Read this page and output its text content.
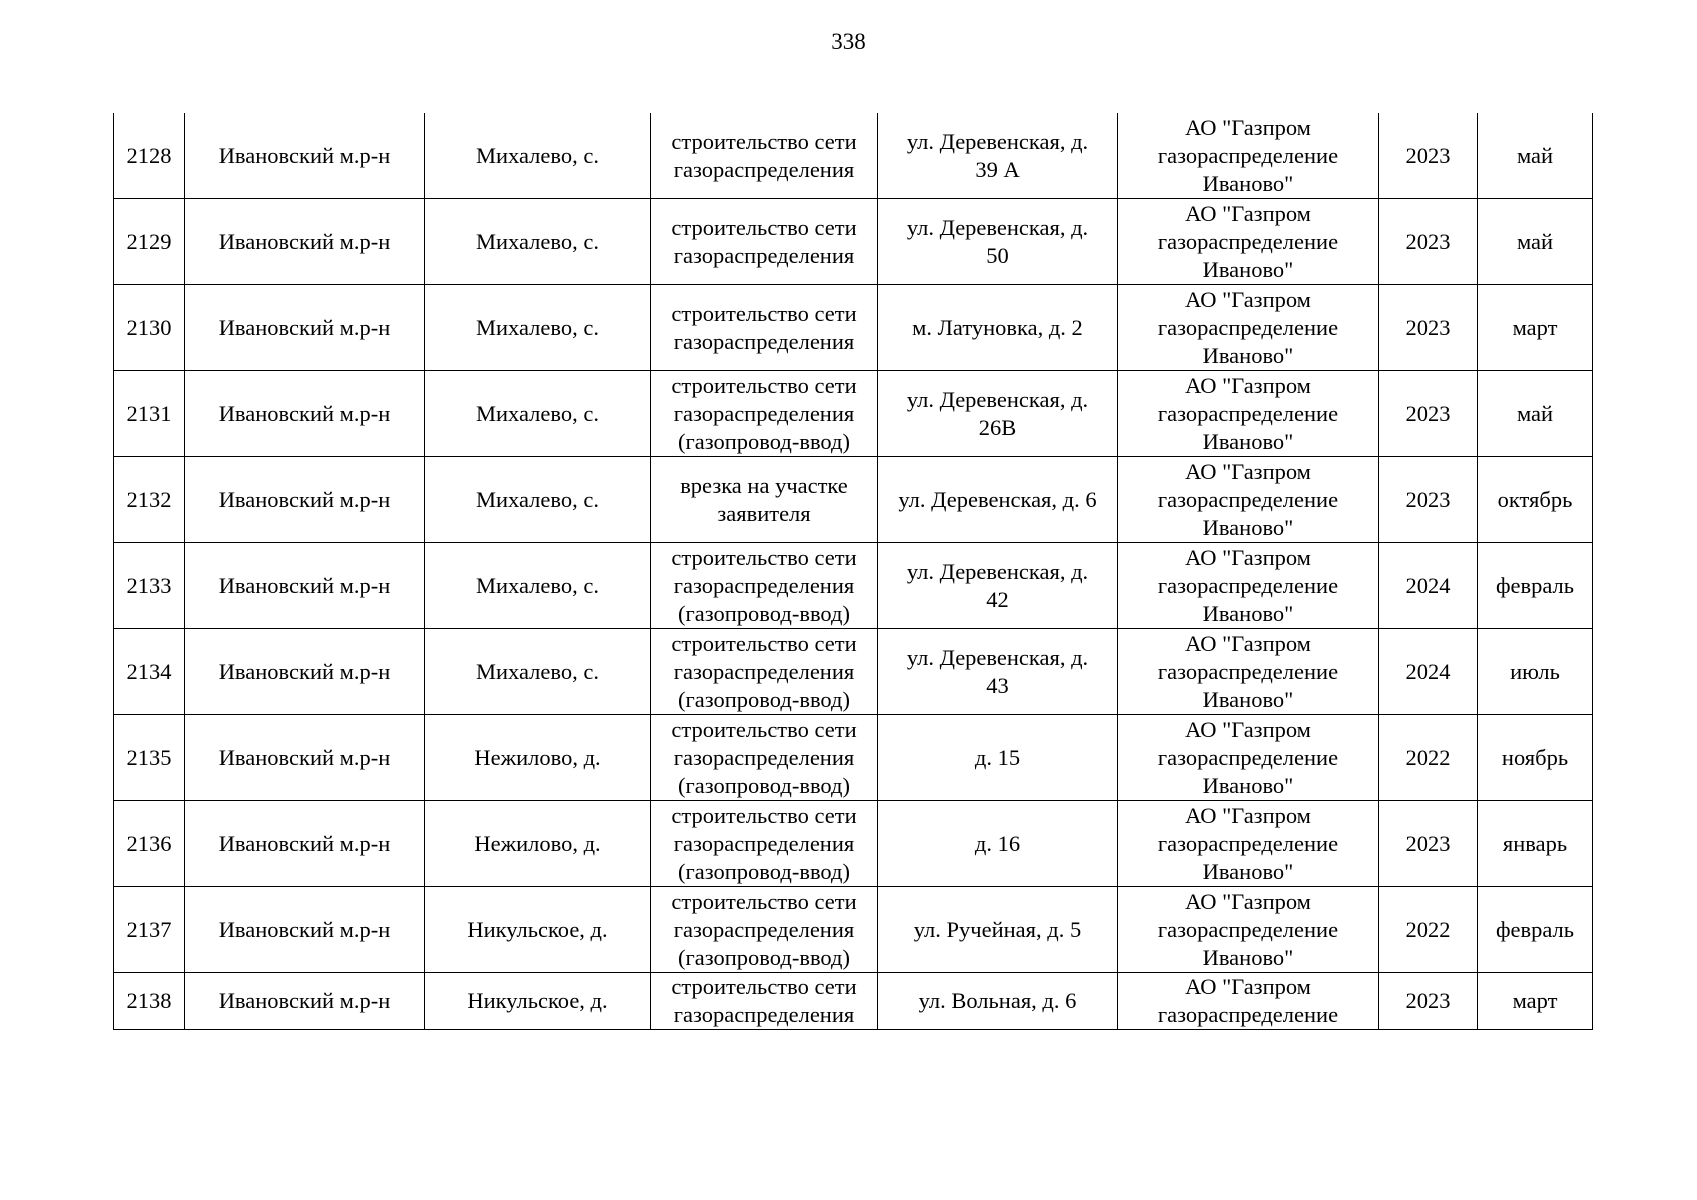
338
2128	Ивановский м.р-н	Михалево, с.	строительство сети
газораспределения	ул. Деревенская, д.
39 А	АО "Газпром
газораспределение
Иваново"	2023	май
2129	Ивановский м.р-н	Михалево, с.	строительство сети
газораспределения	ул. Деревенская, д.
50	АО "Газпром
газораспределение
Иваново"	2023	май
2130	Ивановский м.р-н	Михалево, с.	строительство сети
газораспределения	м. Латуновка, д. 2	АО "Газпром
газораспределение
Иваново"	2023	март
2131	Ивановский м.р-н	Михалево, с.	строительство сети
газораспределения
(газопровод-ввод)	ул. Деревенская, д.
26В	АО "Газпром
газораспределение
Иваново"	2023	май
2132	Ивановский м.р-н	Михалево, с.	врезка на участке
заявителя	ул. Деревенская, д. 6	АО "Газпром
газораспределение
Иваново"	2023	октябрь
2133	Ивановский м.р-н	Михалево, с.	строительство сети
газораспределения
(газопровод-ввод)	ул. Деревенская, д.
42	АО "Газпром
газораспределение
Иваново"	2024	февраль
2134	Ивановский м.р-н	Михалево, с.	строительство сети
газораспределения
(газопровод-ввод)	ул. Деревенская, д.
43	АО "Газпром
газораспределение
Иваново"	2024	июль
2135	Ивановский м.р-н	Нежилово, д.	строительство сети
газораспределения
(газопровод-ввод)	д. 15	АО "Газпром
газораспределение
Иваново"	2022	ноябрь
2136	Ивановский м.р-н	Нежилово, д.	строительство сети
газораспределения
(газопровод-ввод)	д. 16	АО "Газпром
газораспределение
Иваново"	2023	январь
2137	Ивановский м.р-н	Никульское, д.	строительство сети
газораспределения
(газопровод-ввод)	ул. Ручейная, д. 5	АО "Газпром
газораспределение
Иваново"	2022	февраль
2138	Ивановский м.р-н	Никульское, д.	строительство сети
газораспределения	ул. Вольная, д. 6	АО "Газпром
газораспределение	2023	март
